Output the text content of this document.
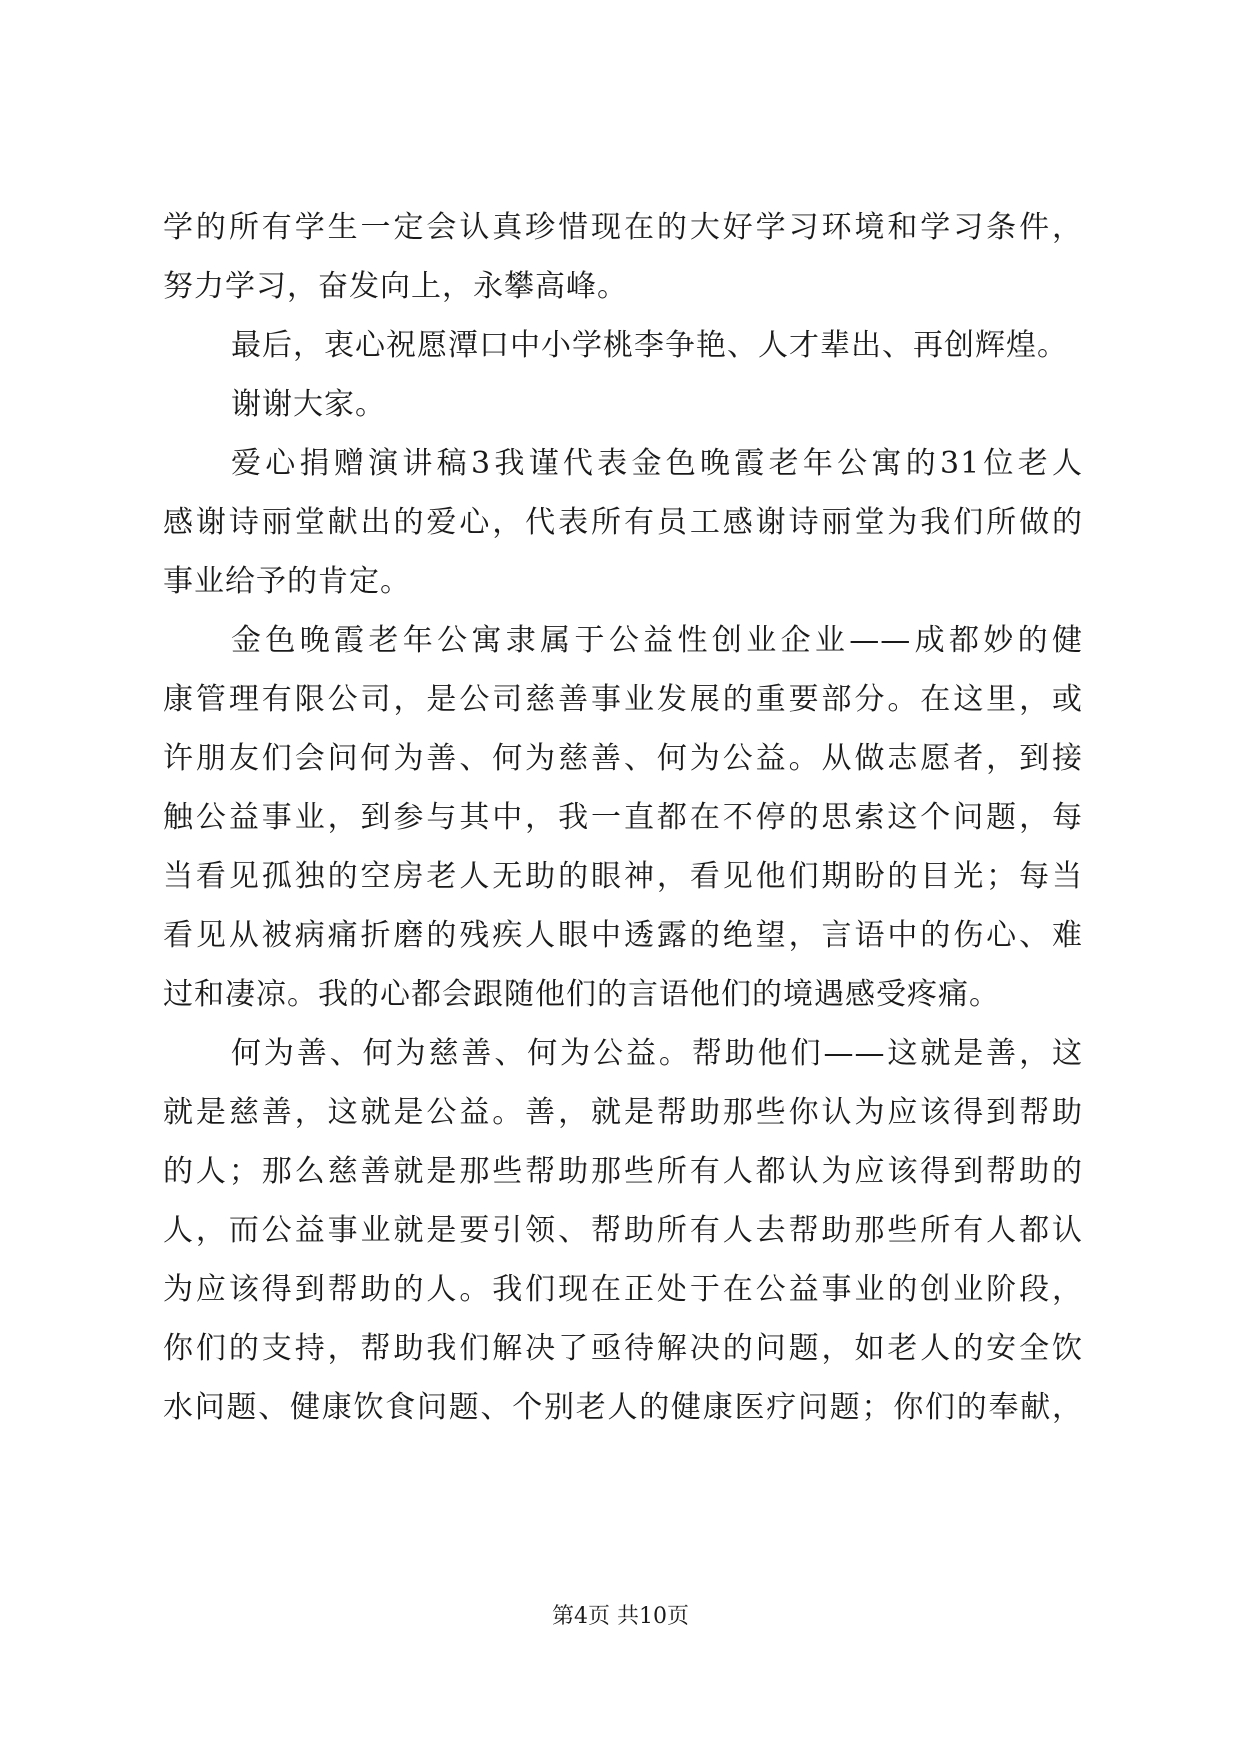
学的所有学生一定会认真珍惜现在的大好学习环境和学习条件，
努力学习，奋发向上，永攀高峰。
最后，衷心祝愿潭口中小学桃李争艳、人才辈出、再创辉煌。
谢谢大家。
爱心捐赠演讲稿3我谨代表金色晚霞老年公寓的31位老人
感谢诗丽堂献出的爱心，代表所有员工感谢诗丽堂为我们所做的
事业给予的肯定。
金色晚霞老年公寓隶属于公益性创业企业——成都妙的健
康管理有限公司，是公司慈善事业发展的重要部分。在这里，或
许朋友们会问何为善、何为慈善、何为公益。从做志愿者，到接
触公益事业，到参与其中，我一直都在不停的思索这个问题，每
当看见孤独的空房老人无助的眼神，看见他们期盼的目光；每当
看见从被病痛折磨的残疾人眼中透露的绝望，言语中的伤心、难
过和凄凉。我的心都会跟随他们的言语他们的境遇感受疼痛。
何为善、何为慈善、何为公益。帮助他们——这就是善，这
就是慈善，这就是公益。善，就是帮助那些你认为应该得到帮助
的人；那么慈善就是那些帮助那些所有人都认为应该得到帮助的
人，而公益事业就是要引领、帮助所有人去帮助那些所有人都认
为应该得到帮助的人。我们现在正处于在公益事业的创业阶段，
你们的支持，帮助我们解决了亟待解决的问题，如老人的安全饮
水问题、健康饮食问题、个别老人的健康医疗问题；你们的奉献，
第4页 共10页
